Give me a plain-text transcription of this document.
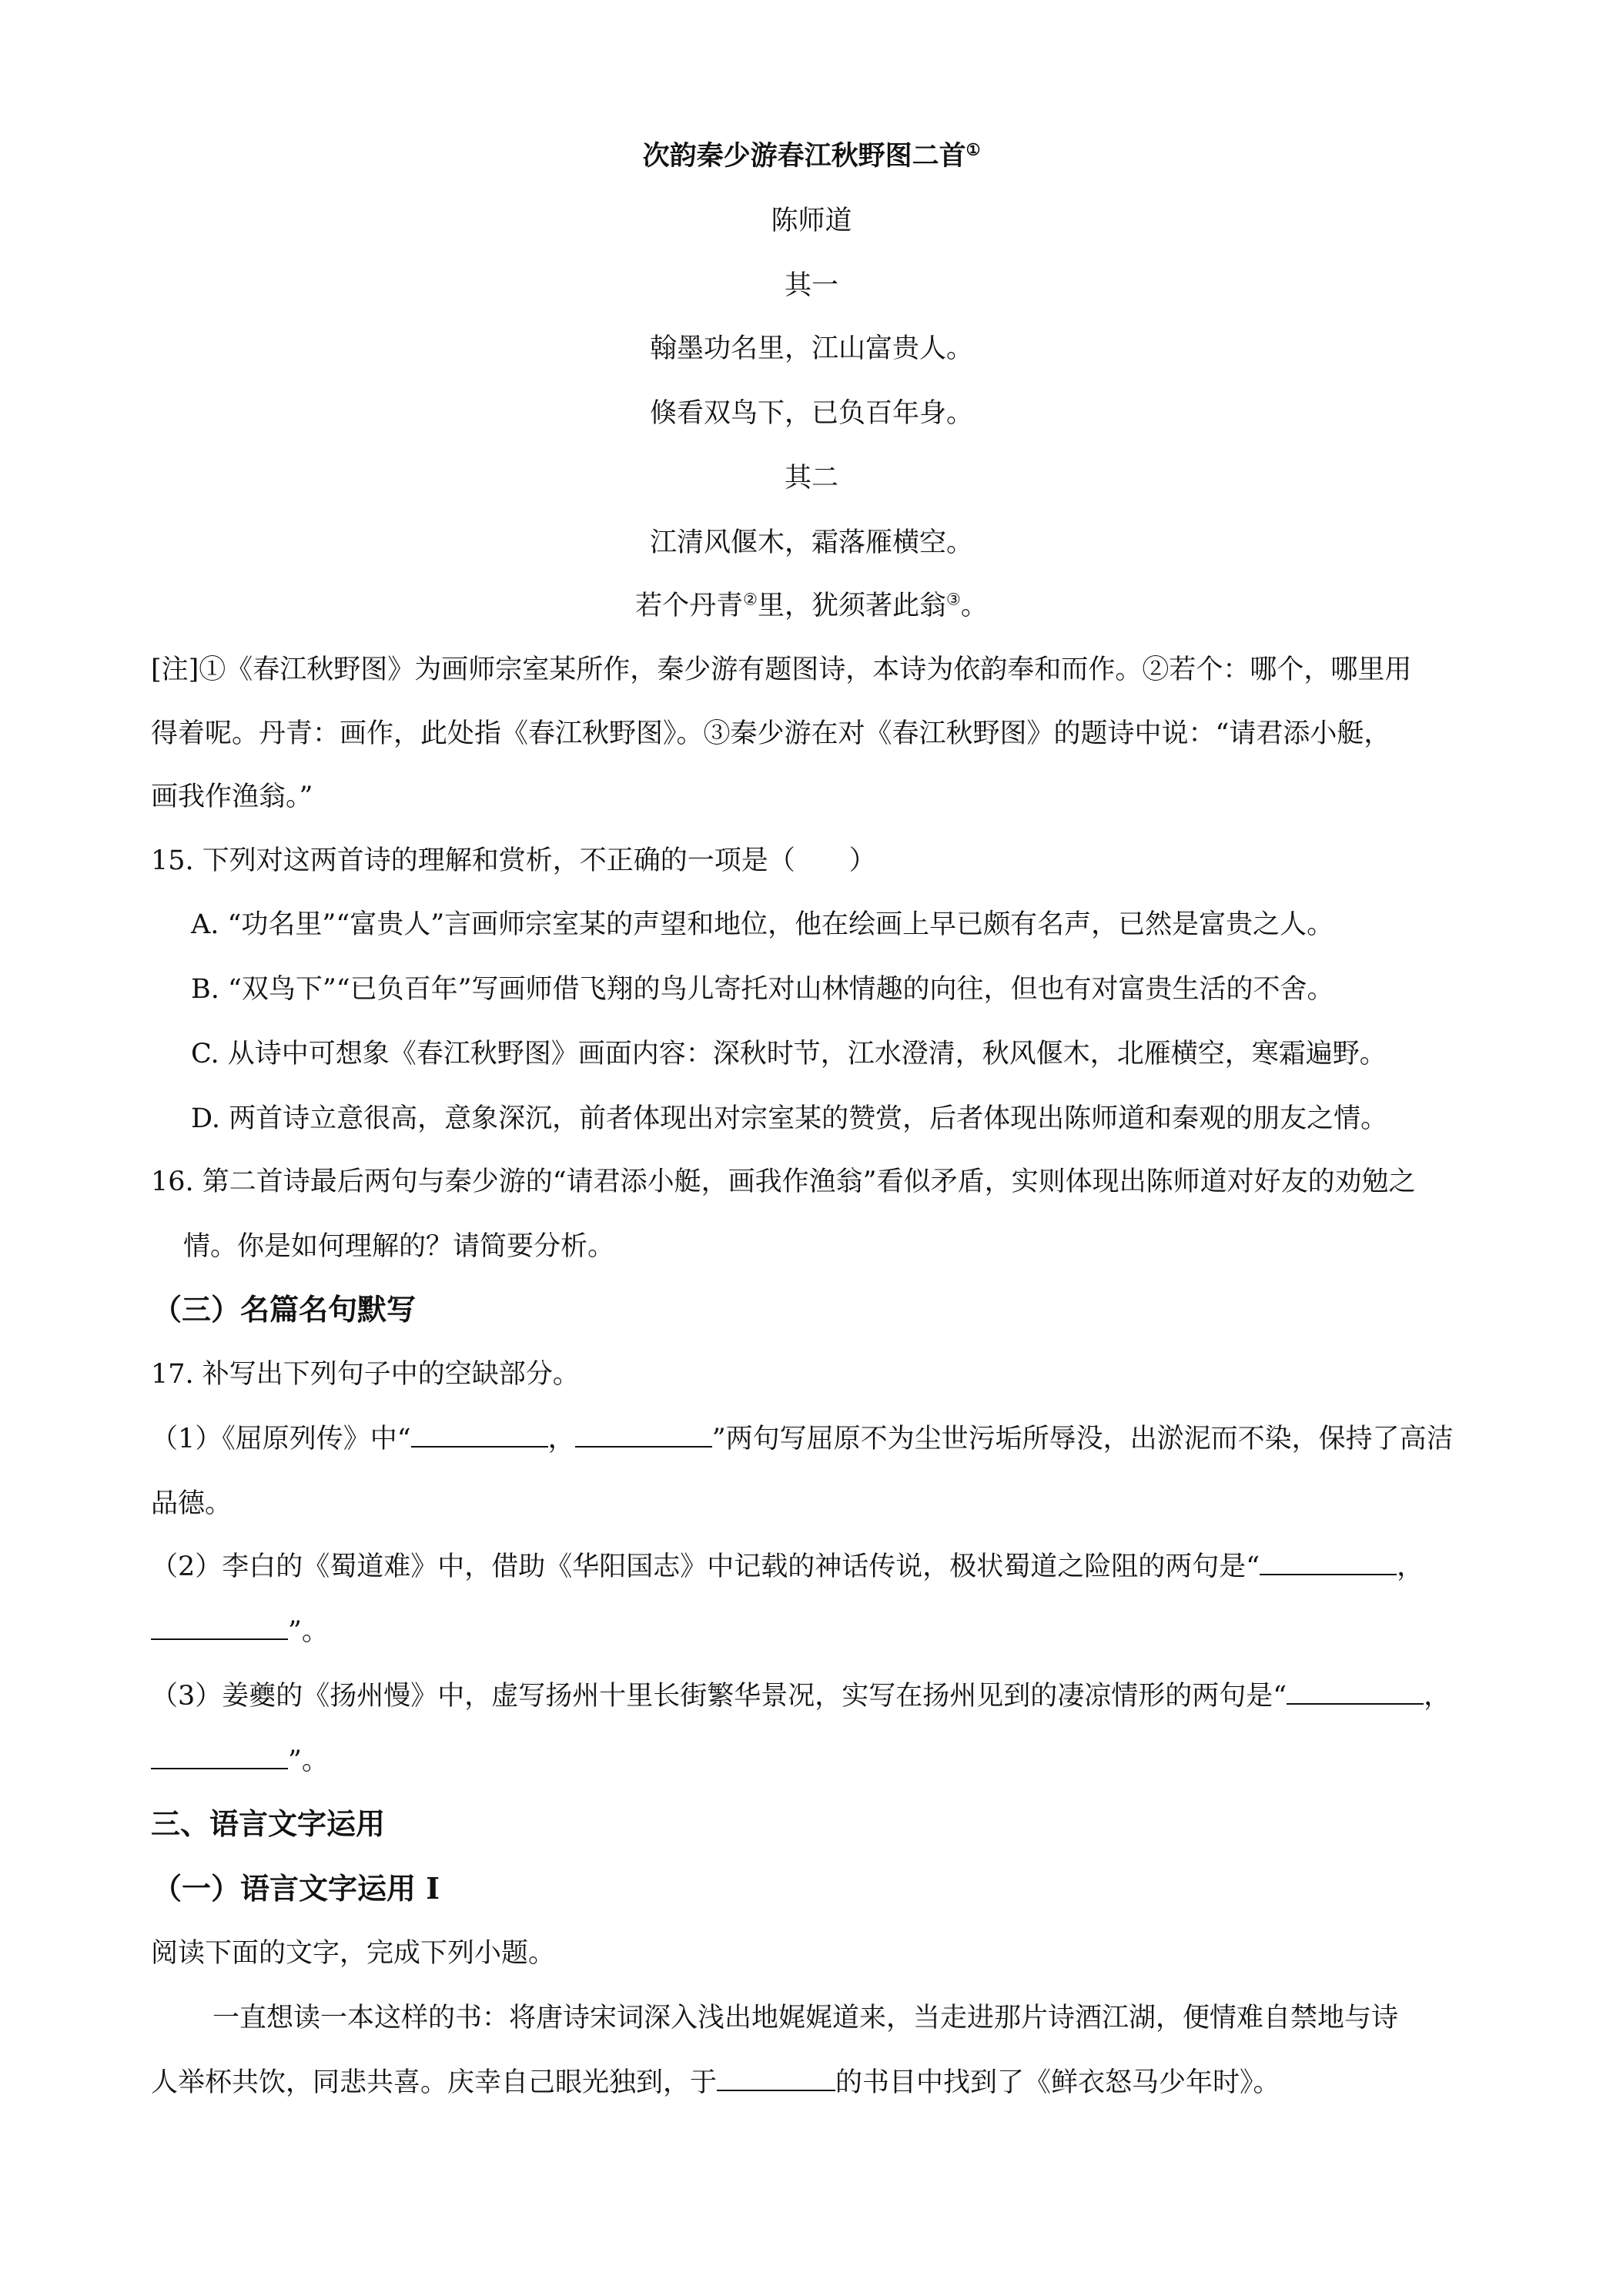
次韵秦少游春江秋野图二首①
陈师道
其一
翰墨功名里，江山富贵人。
倏看双鸟下，已负百年身。
其二
江清风偃木，霜落雁横空。
若个丹青②里，犹须著此翁③。
[注]①《春江秋野图》为画师宗室某所作，秦少游有题图诗，本诗为依韵奉和而作。②若个：哪个，哪里用
得着呢。丹青：画作，此处指《春江秋野图》。③秦少游在对《春江秋野图》的题诗中说：“请君添小艇，
画我作渔翁。”
15. 下列对这两首诗的理解和赏析，不正确的一项是（　　）
A. “功名里”“富贵人”言画师宗室某的声望和地位，他在绘画上早已颇有名声，已然是富贵之人。
B. “双鸟下”“已负百年”写画师借飞翔的鸟儿寄托对山林情趣的向往，但也有对富贵生活的不舍。
C. 从诗中可想象《春江秋野图》画面内容：深秋时节，江水澄清，秋风偃木，北雁横空，寒霜遍野。
D. 两首诗立意很高，意象深沉，前者体现出对宗室某的赞赏，后者体现出陈师道和秦观的朋友之情。
16. 第二首诗最后两句与秦少游的“请君添小艇，画我作渔翁”看似矛盾，实则体现出陈师道对好友的劝勉之
情。你是如何理解的？请简要分析。
（三）名篇名句默写
17. 补写出下列句子中的空缺部分。
（1）《屈原列传》中“	，	”两句写屈原不为尘世污垢所辱没，出淤泥而不染，保持了高洁
品德。
（2）李白的《蜀道难》中，借助《华阳国志》中记载的神话传说，极状蜀道之险阻的两句是“	，
”。
（3）姜夔的《扬州慢》中，虚写扬州十里长街繁华景况，实写在扬州见到的凄凉情形的两句是“	，
”。
三、语言文字运用
（一）语言文字运用 I
阅读下面的文字，完成下列小题。
一直想读一本这样的书：将唐诗宋词深入浅出地娓娓道来，当走进那片诗酒江湖，便情难自禁地与诗
人举杯共饮，同悲共喜。庆幸自己眼光独到，于	的书目中找到了《鲜衣怒马少年时》。
